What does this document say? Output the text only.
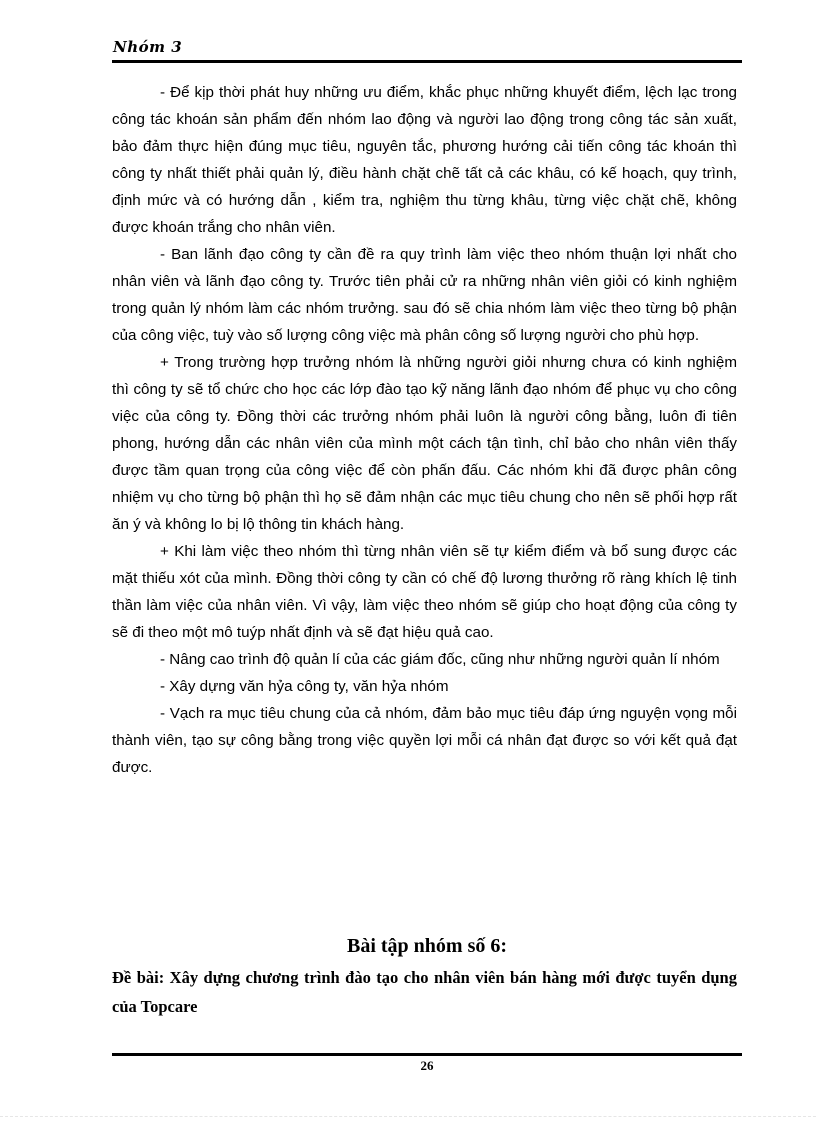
Nhóm 3

- Để kịp thời phát huy những ưu điểm, khắc phục những khuyết điểm, lệch lạc trong công tác khoán sản phẩm đến nhóm lao động và người lao động trong công tác sản xuất, bảo đảm thực hiện đúng mục tiêu, nguyên tắc, phương hướng cải tiến công tác khoán thì công ty nhất thiết phải quản lý, điều hành chặt chẽ tất cả các khâu, có kế hoạch, quy trình, định mức và có hướng dẫn , kiểm tra, nghiệm thu từng khâu, từng việc chặt chẽ, không được khoán trắng cho nhân viên.

- Ban lãnh đạo công ty cần đề ra quy trình làm việc theo nhóm thuận lợi nhất cho nhân viên và lãnh đạo công ty. Trước tiên phải cử ra những nhân viên giỏi có kinh nghiệm trong quản lý nhóm làm các nhóm trưởng. sau đó sẽ chia nhóm làm việc theo từng bộ phận của công việc, tuỳ vào số lượng công việc mà phân công số lượng người cho phù hợp.

+ Trong trường hợp trưởng nhóm là những người giỏi nhưng chưa có kinh nghiệm thì công ty sẽ tổ chức cho học các lớp đào tạo kỹ năng lãnh đạo nhóm để phục vụ cho công việc của công ty. Đồng thời các trưởng nhóm phải luôn là người công bằng, luôn đi tiên phong, hướng dẫn các nhân viên của mình một cách tận tình, chỉ bảo cho nhân viên thấy được tầm quan trọng của công việc để còn phấn đấu. Các nhóm khi đã được phân công nhiệm vụ cho từng bộ phận thì họ sẽ đảm nhận các mục tiêu chung cho nên sẽ phối hợp rất ăn ý và không lo bị lộ thông tin khách hàng.

+ Khi làm việc theo nhóm thì từng nhân viên sẽ tự kiểm điểm và bổ sung được các mặt thiếu xót của mình. Đồng thời công ty cần có chế độ lương thưởng rõ ràng khích lệ tinh thần làm việc của nhân viên. Vì vậy, làm việc theo nhóm sẽ giúp cho hoạt động của công ty sẽ đi theo một mô tuýp nhất định và sẽ đạt hiệu quả cao.

- Nâng cao trình độ quản lí của các giám đốc, cũng như những người quản lí nhóm

- Xây dựng văn hỷa công ty, văn hỷa nhóm

- Vạch ra mục tiêu chung của cả nhóm, đảm bảo mục tiêu đáp ứng nguyện vọng mỗi thành viên, tạo sự công bằng trong việc quyền lợi mỗi cá nhân đạt được so với kết quả đạt được.

Bài tập nhóm số 6:
Đề bài: Xây dựng chương trình đào tạo cho nhân viên bán hàng mới được tuyển dụng của Topcare
26
